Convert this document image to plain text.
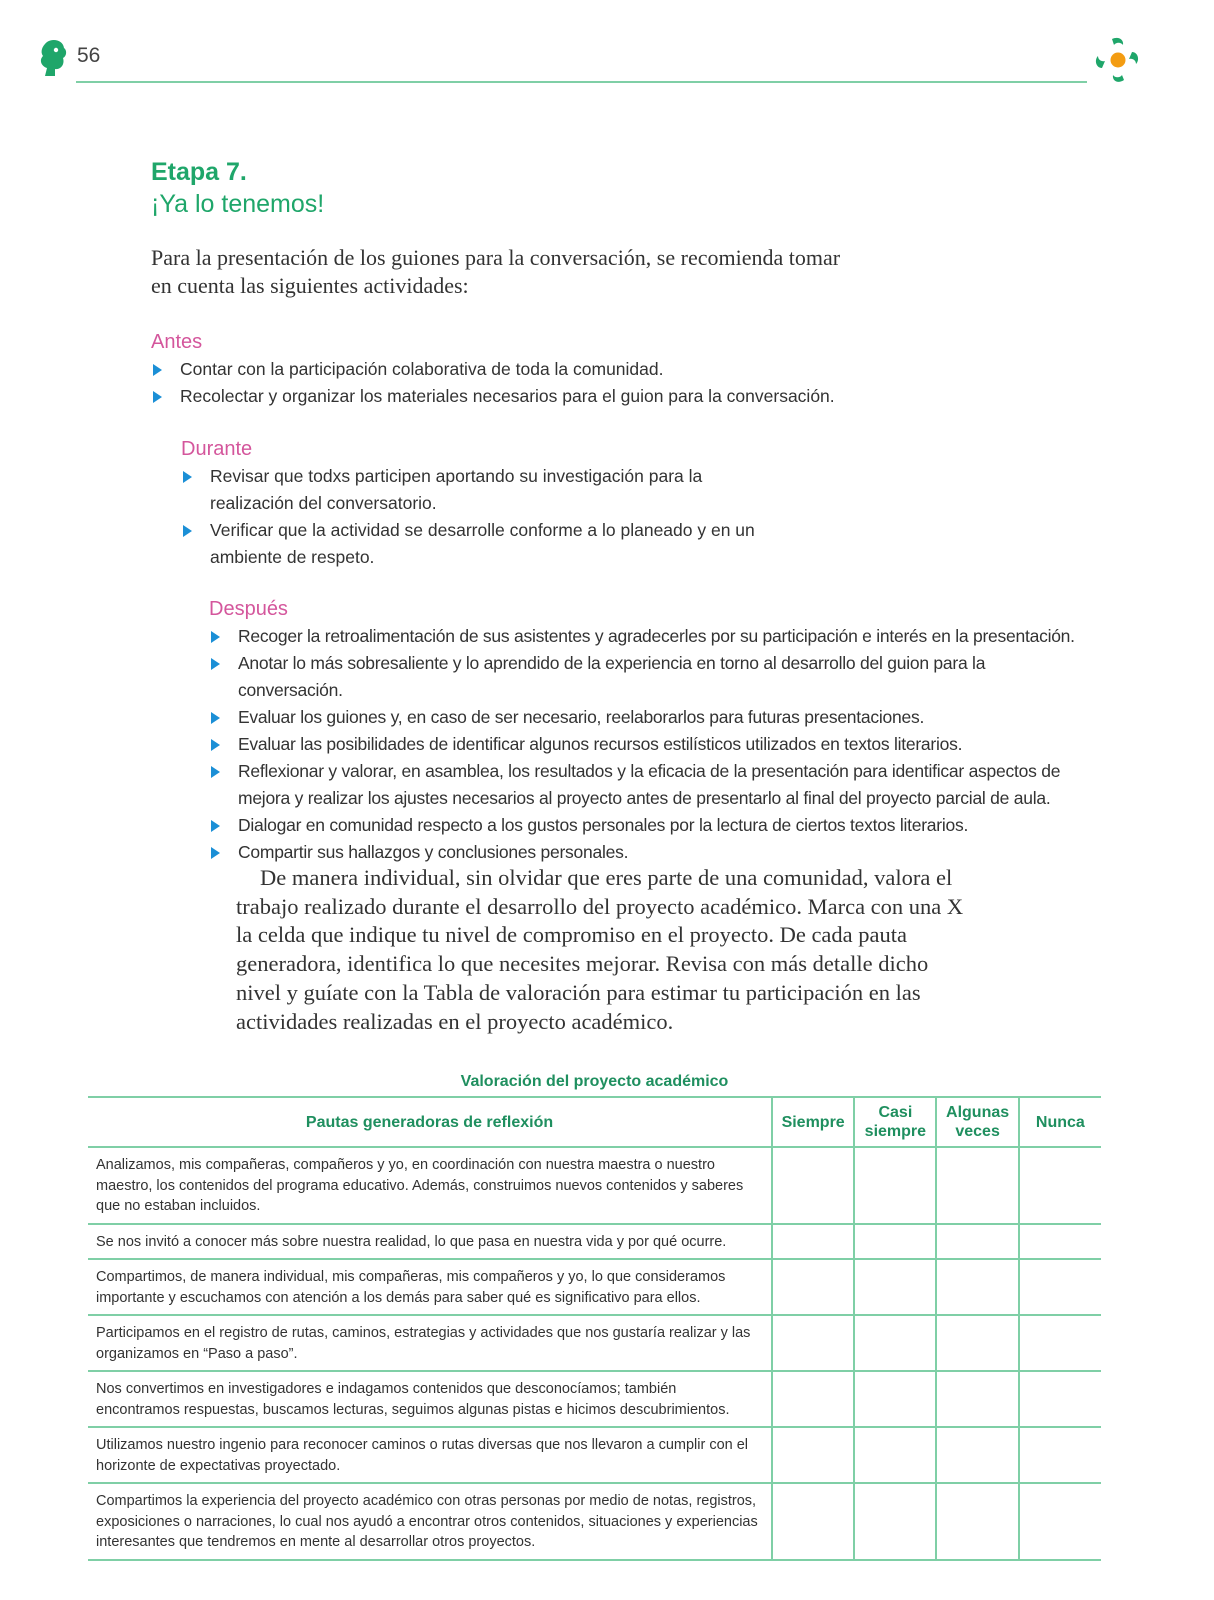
56
Etapa 7.
¡Ya lo tenemos!
Para la presentación de los guiones para la conversación, se recomienda tomar en cuenta las siguientes actividades:
Antes
Contar con la participación colaborativa de toda la comunidad.
Recolectar y organizar los materiales necesarios para el guion para la conversación.
Durante
Revisar que todxs participen aportando su investigación para la realización del conversatorio.
Verificar que la actividad se desarrolle conforme a lo planeado y en un ambiente de respeto.
Después
Recoger la retroalimentación de sus asistentes y agradecerles por su participación e interés en la presentación.
Anotar lo más sobresaliente y lo aprendido de la experiencia en torno al desarrollo del guion para la conversación.
Evaluar los guiones y, en caso de ser necesario, reelaborarlos para futuras presentaciones.
Evaluar las posibilidades de identificar algunos recursos estilísticos utilizados en textos literarios.
Reflexionar y valorar, en asamblea, los resultados y la eficacia de la presentación para identificar aspectos de mejora y realizar los ajustes necesarios al proyecto antes de presentarlo al final del proyecto parcial de aula.
Dialogar en comunidad respecto a los gustos personales por la lectura de ciertos textos literarios.
Compartir sus hallazgos y conclusiones personales.
De manera individual, sin olvidar que eres parte de una comunidad, valora el trabajo realizado durante el desarrollo del proyecto académico. Marca con una X la celda que indique tu nivel de compromiso en el proyecto. De cada pauta generadora, identifica lo que necesites mejorar. Revisa con más detalle dicho nivel y guíate con la Tabla de valoración para estimar tu participación en las actividades realizadas en el proyecto académico.
Valoración del proyecto académico
Pautas generadoras de reflexión	Siempre	Casi siempre	Algunas veces	Nunca
Analizamos, mis compañeras, compañeros y yo, en coordinación con nuestra maestra o nuestro maestro, los contenidos del programa educativo. Además, construimos nuevos contenidos y saberes que no estaban incluidos.				
Se nos invitó a conocer más sobre nuestra realidad, lo que pasa en nuestra vida y por qué ocurre.				
Compartimos, de manera individual, mis compañeras, mis compañeros y yo, lo que consideramos importante y escuchamos con atención a los demás para saber qué es significativo para ellos.				
Participamos en el registro de rutas, caminos, estrategias y actividades que nos gustaría realizar y las organizamos en “Paso a paso”.				
Nos convertimos en investigadores e indagamos contenidos que desconocíamos; también encontramos respuestas, buscamos lecturas, seguimos algunas pistas e hicimos descubrimientos.				
Utilizamos nuestro ingenio para reconocer caminos o rutas diversas que nos llevaron a cumplir con el horizonte de expectativas proyectado.				
Compartimos la experiencia del proyecto académico con otras personas por medio de notas, registros, exposiciones o narraciones, lo cual nos ayudó a encontrar otros contenidos, situaciones y experiencias interesantes que tendremos en mente al desarrollar otros proyectos.				
